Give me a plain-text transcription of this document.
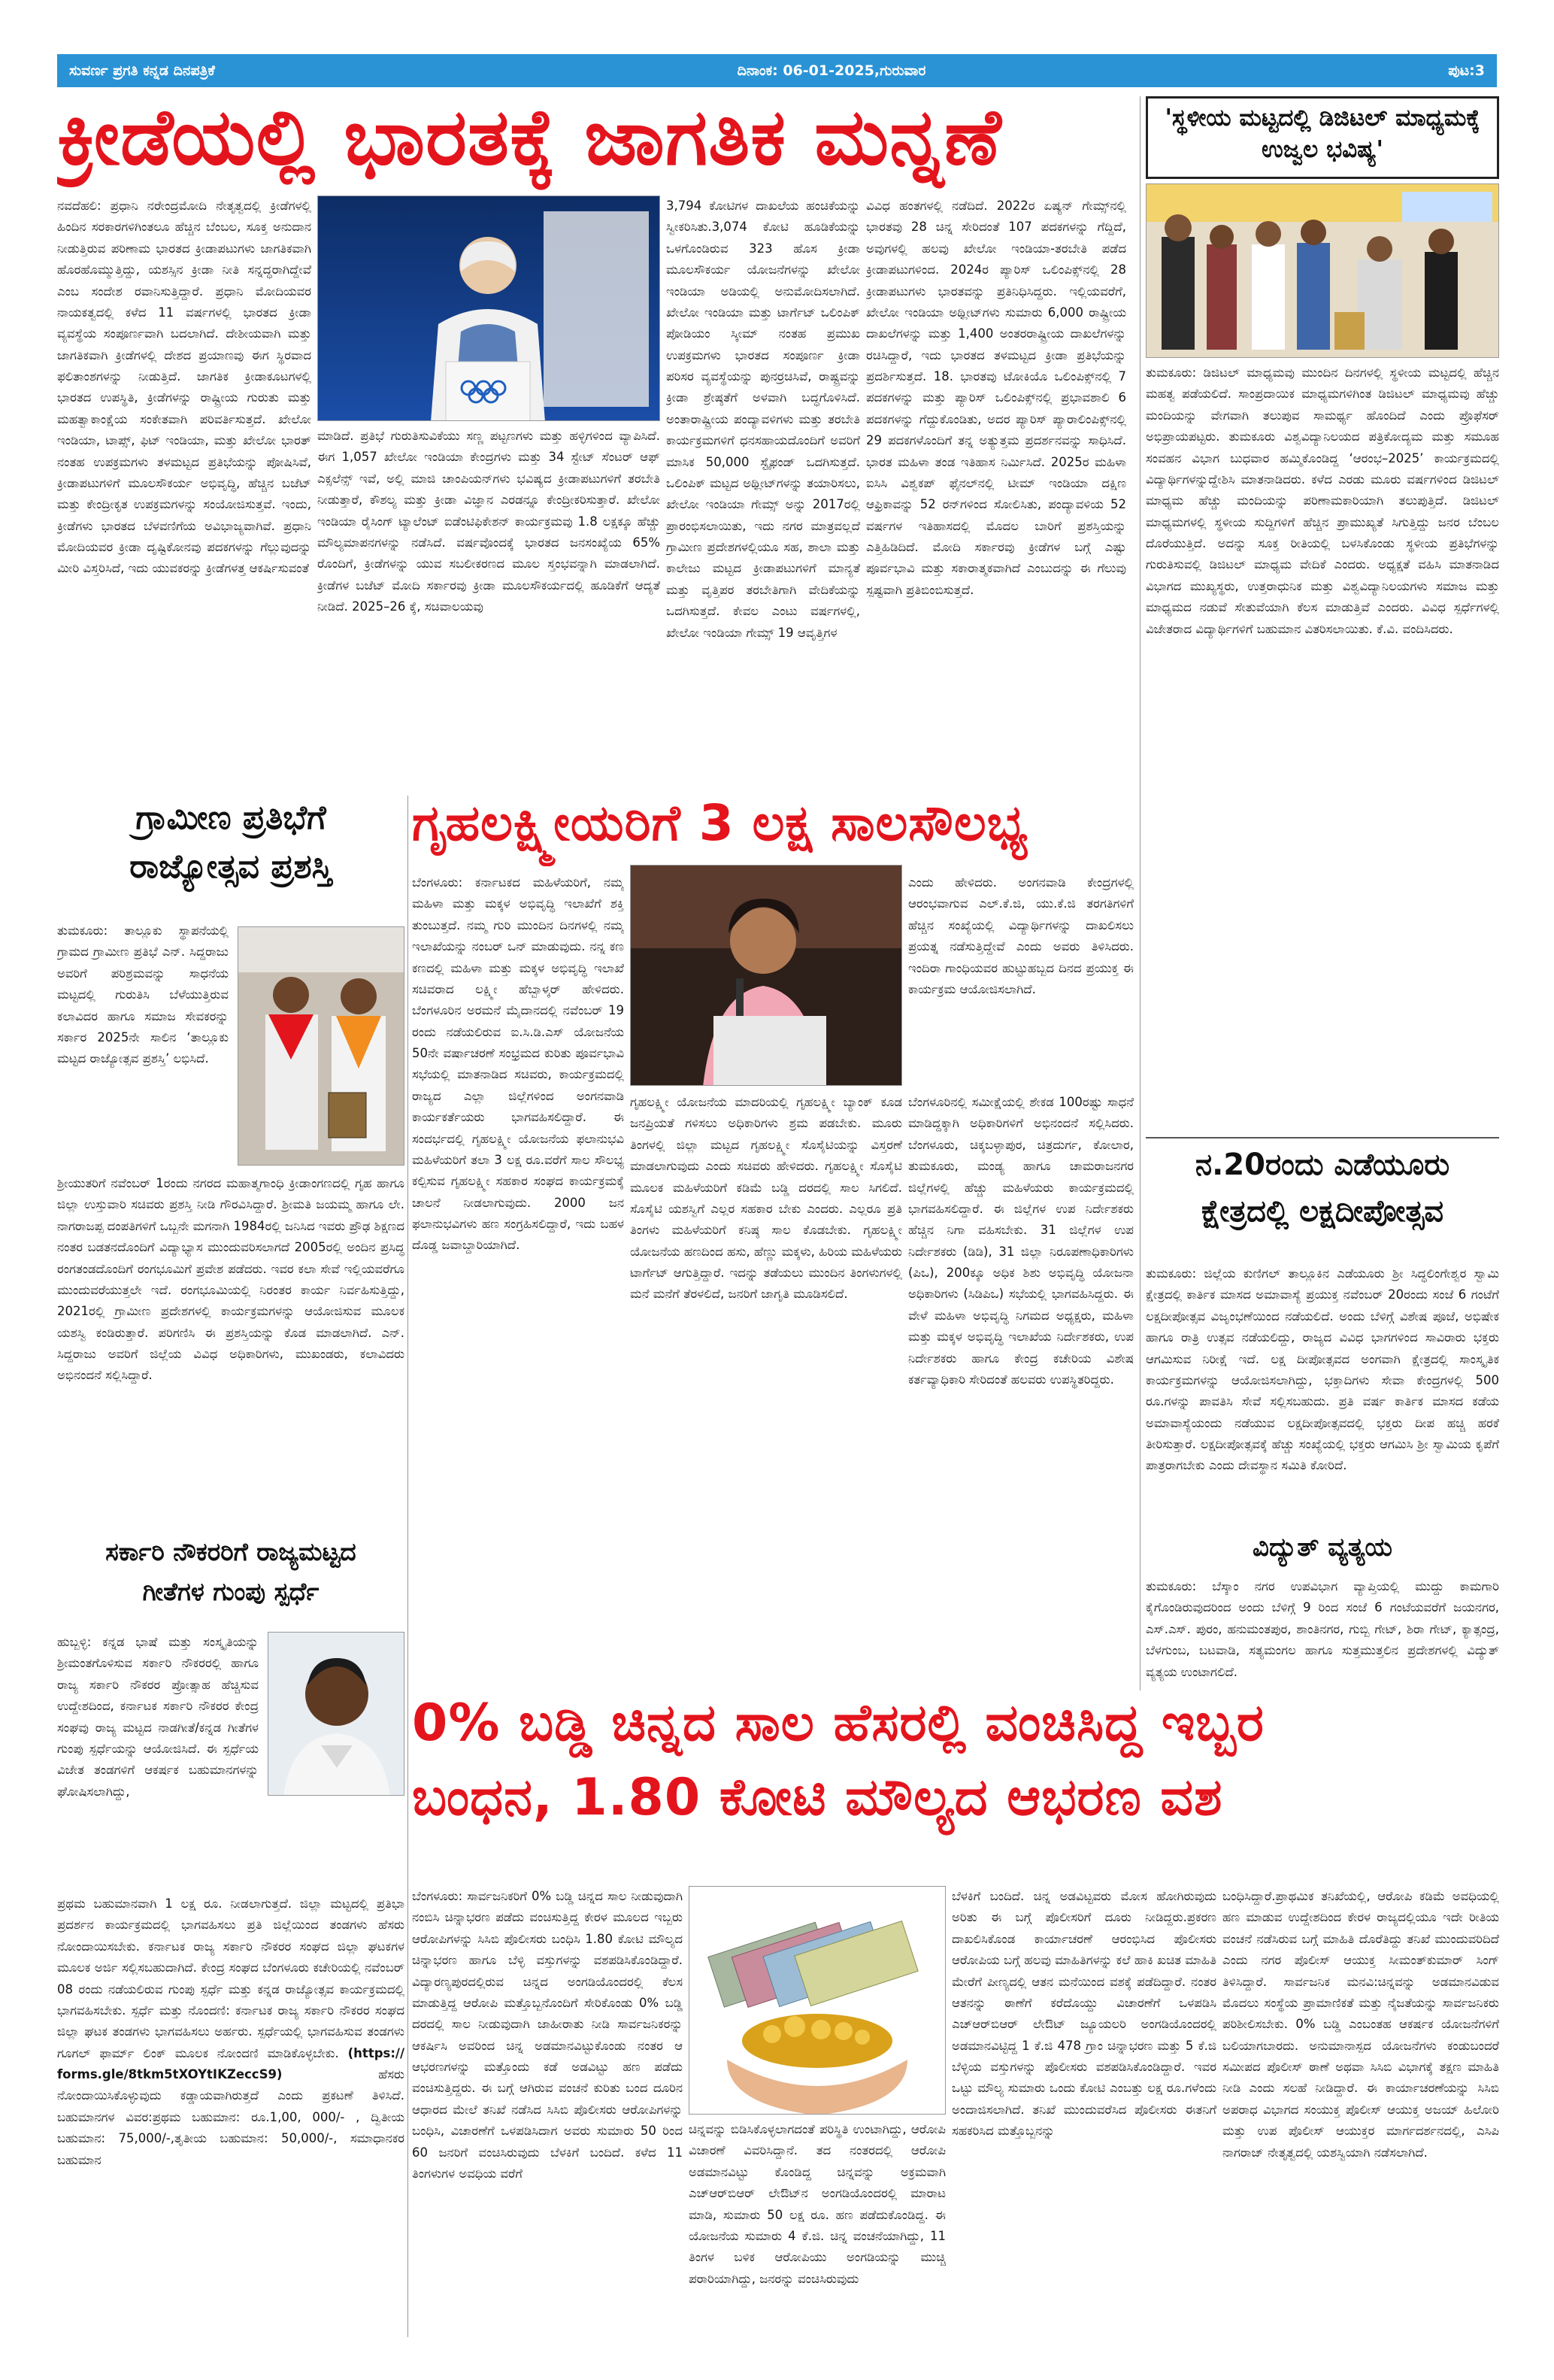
ಸುವರ್ಣ ಪ್ರಗತಿ ಕನ್ನಡ ದಿನಪತ್ರಿಕೆ	ದಿನಾಂಕ: 06-01-2025,ಗುರುವಾರ	ಪುಟ:3
ಕ್ರೀಡೆಯಲ್ಲಿ ಭಾರತಕ್ಕೆ ಜಾಗತಿಕ ಮನ್ನಣೆ
ನವದೆಹಲಿ: ಪ್ರಧಾನಿ ನರೇಂದ್ರಮೋದಿ ನೇತೃತ್ವದಲ್ಲಿ ಕ್ರೀಡೆಗಳಲ್ಲಿ ಹಿಂದಿನ ಸರಕಾರಗಳಿಗಿಂತಲೂ ಹೆಚ್ಚಿನ ಬೆಂಬಲ, ಸೂಕ್ತ ಅನುದಾನ ನೀಡುತ್ತಿರುವ ಪರಿಣಾಮ ಭಾರತದ ಕ್ರೀಡಾಪಟುಗಳು ಜಾಗತಿಕವಾಗಿ ಹೊರಹೊಮ್ಮುತ್ತಿದ್ದು, ಯಶಸ್ಸಿನ ಕ್ರೀಡಾ ನೀತಿ ಸನ್ನದ್ಧರಾಗಿದ್ದೇವೆ ಎಂಬ ಸಂದೇಶ ರವಾನಿಸುತ್ತಿದ್ದಾರೆ. ಪ್ರಧಾನಿ ಮೋದಿಯವರ ನಾಯಕತ್ವದಲ್ಲಿ ಕಳೆದ 11 ವರ್ಷಗಳಲ್ಲಿ ಭಾರತದ ಕ್ರೀಡಾ ವ್ಯವಸ್ಥೆಯ ಸಂಪೂರ್ಣವಾಗಿ ಬದಲಾಗಿದೆ. ದೇಶೀಯವಾಗಿ ಮತ್ತು ಜಾಗತಿಕವಾಗಿ ಕ್ರೀಡೆಗಳಲ್ಲಿ ದೇಶದ ಪ್ರಯಾಣವು ಈಗ ಸ್ಥಿರವಾದ ಫಲಿತಾಂಶಗಳನ್ನು ನೀಡುತ್ತಿದೆ. ಜಾಗತಿಕ ಕ್ರೀಡಾಕೂಟಗಳಲ್ಲಿ ಭಾರತದ ಉಪಸ್ಥಿತಿ, ಕ್ರೀಡೆಗಳನ್ನು ರಾಷ್ಟ್ರೀಯ ಗುರುತು ಮತ್ತು ಮಹತ್ವಾಕಾಂಕ್ಷೆಯ ಸಂಕೇತವಾಗಿ ಪರಿವರ್ತಿಸುತ್ತದೆ. ಖೇಲೋ ಇಂಡಿಯಾ, ಟಾಪ್ಸ್, ಫಿಟ್ ಇಂಡಿಯಾ, ಮತ್ತು ಖೇಲೋ ಭಾರತ್ ನಂತಹ ಉಪಕ್ರಮಗಳು ತಳಮಟ್ಟದ ಪ್ರತಿಭೆಯನ್ನು ಪೋಷಿಸಿವೆ, ಕ್ರೀಡಾಪಟುಗಳಿಗೆ ಮೂಲಸೌಕರ್ಯ ಅಭಿವೃದ್ಧಿ, ಹೆಚ್ಚಿನ ಬಜೆಟ್ ಮತ್ತು ಕೇಂದ್ರೀಕೃತ ಉಪಕ್ರಮಗಳನ್ನು ಸಂಯೋಜಿಸುತ್ತವೆ. ಇಂದು, ಕ್ರೀಡೆಗಳು ಭಾರತದ ಬೆಳವಣಿಗೆಯ ಅವಿಭಾಜ್ಯವಾಗಿವೆ. ಪ್ರಧಾನಿ ಮೋದಿಯವರ ಕ್ರೀಡಾ ದೃಷ್ಟಿಕೋನವು ಪದಕಗಳನ್ನು ಗೆಲ್ಲುವುದನ್ನು ಮೀರಿ ವಿಸ್ತರಿಸಿದೆ, ಇದು ಯುವಕರನ್ನು ಕ್ರೀಡೆಗಳತ್ತ ಆಕರ್ಷಿಸುವಂತೆ
ಮಾಡಿದೆ. ಪ್ರತಿಭೆ ಗುರುತಿಸುವಿಕೆಯು ಸಣ್ಣ ಪಟ್ಟಣಗಳು ಮತ್ತು ಹಳ್ಳಿಗಳಿಂದ ವ್ಯಾಪಿಸಿದೆ. ಈಗ 1,057 ಖೇಲೋ ಇಂಡಿಯಾ ಕೇಂದ್ರಗಳು ಮತ್ತು 34 ಸ್ಟೇಟ್ ಸೆಂಟರ್ ಆಫ್ ಎಕ್ಸಲೆನ್ಸ್ ಇವೆ, ಅಲ್ಲಿ ಮಾಜಿ ಚಾಂಪಿಯನ್‌ಗಳು ಭವಿಷ್ಯದ ಕ್ರೀಡಾಪಟುಗಳಿಗೆ ತರಬೇತಿ ನೀಡುತ್ತಾರೆ, ಕೌಶಲ್ಯ ಮತ್ತು ಕ್ರೀಡಾ ವಿಜ್ಞಾನ ಎರಡನ್ನೂ ಕೇಂದ್ರೀಕರಿಸುತ್ತಾರೆ. ಖೇಲೋ ಇಂಡಿಯಾ ರೈಸಿಂಗ್ ಟ್ಯಾಲೆಂಟ್ ಐಡೆಂಟಿಫಿಕೇಶನ್ ಕಾರ್ಯಕ್ರಮವು 1.8 ಲಕ್ಷಕ್ಕೂ ಹೆಚ್ಚು ಮೌಲ್ಯಮಾಪನಗಳನ್ನು ನಡೆಸಿದೆ. ವರ್ಷವೊಂದಕ್ಕೆ ಭಾರತದ ಜನಸಂಖ್ಯೆಯ 65% ರೊಂದಿಗೆ, ಕ್ರೀಡೆಗಳನ್ನು ಯುವ ಸಬಲೀಕರಣದ ಮೂಲ ಸ್ತಂಭವನ್ನಾಗಿ ಮಾಡಲಾಗಿದೆ. ಕ್ರೀಡೆಗಳ ಬಜೆಟ್ ಮೋದಿ ಸರ್ಕಾರವು ಕ್ರೀಡಾ ಮೂಲಸೌಕರ್ಯದಲ್ಲಿ ಹೂಡಿಕೆಗೆ ಆದ್ಯತೆ ನೀಡಿದೆ. 2025–26 ಕ್ಕೆ, ಸಚಿವಾಲಯವು
3,794 ಕೋಟಿಗಳ ದಾಖಲೆಯ ಹಂಚಿಕೆಯನ್ನು ಸ್ವೀಕರಿಸಿತು.3,074 ಕೋಟಿ ಹೂಡಿಕೆಯನ್ನು ಒಳಗೊಂಡಿರುವ 323 ಹೊಸ ಕ್ರೀಡಾ ಮೂಲಸೌಕರ್ಯ ಯೋಜನೆಗಳನ್ನು ಖೇಲೋ ಇಂಡಿಯಾ ಅಡಿಯಲ್ಲಿ ಅನುಮೋದಿಸಲಾಗಿದೆ. ಖೇಲೋ ಇಂಡಿಯಾ ಮತ್ತು ಟಾರ್ಗೆಟ್ ಒಲಿಂಪಿಕ್ ಪೋಡಿಯಂ ಸ್ಕೀಮ್ ನಂತಹ ಪ್ರಮುಖ ಉಪಕ್ರಮಗಳು ಭಾರತದ ಸಂಪೂರ್ಣ ಕ್ರೀಡಾ ಪರಿಸರ ವ್ಯವಸ್ಥೆಯನ್ನು ಪುನರ್ರಚಿಸಿವೆ, ರಾಷ್ಟ್ರವನ್ನು ಕ್ರೀಡಾ ಶ್ರೇಷ್ಠತೆಗೆ ಅಳವಾಗಿ ಬದ್ಧಗೊಳಿಸಿದೆ. ಅಂತಾರಾಷ್ಟ್ರೀಯ ಪಂದ್ಯಾವಳಿಗಳು ಮತ್ತು ತರಬೇತಿ ಕಾರ್ಯಕ್ರಮಗಳಿಗೆ ಧನಸಹಾಯದೊಂದಿಗೆ ಅವರಿಗೆ ಮಾಸಿಕ 50,000 ಸ್ಟೈಫಂಡ್ ಒದಗಿಸುತ್ತದೆ. ಒಲಿಂಪಿಕ್ ಮಟ್ಟದ ಅಥ್ಲೀಟ್‌ಗಳನ್ನು ತಯಾರಿಸಲು, ಖೇಲೋ ಇಂಡಿಯಾ ಗೇಮ್ಸ್ ಅನ್ನು 2017ರಲ್ಲಿ ಪ್ರಾರಂಭಿಸಲಾಯಿತು, ಇದು ನಗರ ಮಾತ್ರವಲ್ಲದೆ ಗ್ರಾಮೀಣ ಪ್ರದೇಶಗಳಲ್ಲಿಯೂ ಸಹ, ಶಾಲಾ ಮತ್ತು ಕಾಲೇಜು ಮಟ್ಟದ ಕ್ರೀಡಾಪಟುಗಳಿಗೆ ಮಾನ್ಯತೆ ಮತ್ತು ವೃತ್ತಿಪರ ತರಬೇತಿಗಾಗಿ ವೇದಿಕೆಯನ್ನು ಒದಗಿಸುತ್ತದೆ. ಕೇವಲ ಎಂಟು ವರ್ಷಗಳಲ್ಲಿ, ಖೇಲೋ ಇಂಡಿಯಾ ಗೇಮ್ಸ್ 19 ಆವೃತ್ತಿಗಳ
ವಿವಿಧ ಹಂತಗಳಲ್ಲಿ ನಡೆದಿದೆ. 2022ರ ಏಷ್ಯನ್ ಗೇಮ್ಸ್‌ನಲ್ಲಿ ಭಾರತವು 28 ಚಿನ್ನ ಸೇರಿದಂತೆ 107 ಪದಕಗಳನ್ನು ಗೆದ್ದಿದೆ, ಅವುಗಳಲ್ಲಿ ಹಲವು ಖೇಲೋ ಇಂಡಿಯಾ-ತರಬೇತಿ ಪಡೆದ ಕ್ರೀಡಾಪಟುಗಳಿಂದ. 2024ರ ಪ್ಯಾರಿಸ್ ಒಲಿಂಪಿಕ್ಸ್‌ನಲ್ಲಿ 28 ಕ್ರೀಡಾಪಟುಗಳು ಭಾರತವನ್ನು ಪ್ರತಿನಿಧಿಸಿದ್ದರು. ಇಲ್ಲಿಯವರೆಗೆ, ಖೇಲೋ ಇಂಡಿಯಾ ಅಥ್ಲೀಟ್‌ಗಳು ಸುಮಾರು 6,000 ರಾಷ್ಟ್ರೀಯ ದಾಖಲೆಗಳನ್ನು ಮತ್ತು 1,400 ಅಂತರರಾಷ್ಟ್ರೀಯ ದಾಖಲೆಗಳನ್ನು ರಚಿಸಿದ್ದಾರೆ, ಇದು ಭಾರತದ ತಳಮಟ್ಟದ ಕ್ರೀಡಾ ಪ್ರತಿಭೆಯನ್ನು ಪ್ರದರ್ಶಿಸುತ್ತದೆ. 18. ಭಾರತವು ಟೋಕಿಯೊ ಒಲಿಂಪಿಕ್ಸ್‌ನಲ್ಲಿ 7 ಪದಕಗಳನ್ನು ಮತ್ತು ಪ್ಯಾರಿಸ್ ಒಲಿಂಪಿಕ್ಸ್‌ನಲ್ಲಿ ಪ್ರಭಾವಶಾಲಿ 6 ಪದಕಗಳನ್ನು ಗೆದ್ದುಕೊಂಡಿತು, ಅದರ ಪ್ಯಾರಿಸ್ ಪ್ಯಾರಾಲಿಂಪಿಕ್ಸ್‌ನಲ್ಲಿ 29 ಪದಕಗಳೊಂದಿಗೆ ತನ್ನ ಅತ್ಯುತ್ತಮ ಪ್ರದರ್ಶನವನ್ನು ಸಾಧಿಸಿದೆ. ಭಾರತ ಮಹಿಳಾ ತಂಡ ಇತಿಹಾಸ ನಿರ್ಮಿಸಿದೆ. 2025ರ ಮಹಿಳಾ ಐಸಿಸಿ ವಿಶ್ವಕಪ್ ಫೈನಲ್‌ನಲ್ಲಿ ಟೀಮ್ ಇಂಡಿಯಾ ದಕ್ಷಿಣ ಆಫ್ರಿಕಾವನ್ನು 52 ರನ್‌ಗಳಿಂದ ಸೋಲಿಸಿತು, ಪಂದ್ಯಾವಳಿಯ 52 ವರ್ಷಗಳ ಇತಿಹಾಸದಲ್ಲಿ ಮೊದಲ ಬಾರಿಗೆ ಪ್ರಶಸ್ತಿಯನ್ನು ಎತ್ತಿಹಿಡಿದಿದೆ. ಮೋದಿ ಸರ್ಕಾರವು ಕ್ರೀಡೆಗಳ ಬಗ್ಗೆ ಎಷ್ಟು ಪೂರ್ವಭಾವಿ ಮತ್ತು ಸಕಾರಾತ್ಮಕವಾಗಿದೆ ಎಂಬುದನ್ನು ಈ ಗೆಲುವು ಸ್ಪಷ್ಟವಾಗಿ ಪ್ರತಿಬಿಂಬಿಸುತ್ತದೆ.
'ಸ್ಥಳೀಯ ಮಟ್ಟದಲ್ಲಿ ಡಿಜಿಟಲ್ ಮಾಧ್ಯಮಕ್ಕೆ ಉಜ್ವಲ ಭವಿಷ್ಯ'
ತುಮಕೂರು: ಡಿಜಿಟಲ್ ಮಾಧ್ಯಮವು ಮುಂದಿನ ದಿನಗಳಲ್ಲಿ ಸ್ಥಳೀಯ ಮಟ್ಟದಲ್ಲಿ ಹೆಚ್ಚಿನ ಮಹತ್ವ ಪಡೆಯಲಿದೆ. ಸಾಂಪ್ರದಾಯಿಕ ಮಾಧ್ಯಮಗಳಿಗಿಂತ ಡಿಜಿಟಲ್ ಮಾಧ್ಯಮವು ಹೆಚ್ಚು ಮಂದಿಯನ್ನು ವೇಗವಾಗಿ ತಲುಪುವ ಸಾಮರ್ಥ್ಯ ಹೊಂದಿದೆ ಎಂದು ಪ್ರೊಫೆಸರ್ ಅಭಿಪ್ರಾಯಪಟ್ಟರು. ತುಮಕೂರು ವಿಶ್ವವಿದ್ಯಾನಿಲಯದ ಪತ್ರಿಕೋದ್ಯಮ ಮತ್ತು ಸಮೂಹ ಸಂವಹನ ವಿಭಾಗ ಬುಧವಾರ ಹಮ್ಮಿಕೊಂಡಿದ್ದ ‘ಆರಂಭ–2025’ ಕಾರ್ಯಕ್ರಮದಲ್ಲಿ ವಿದ್ಯಾರ್ಥಿಗಳನ್ನುದ್ದೇಶಿಸಿ ಮಾತನಾಡಿದರು. ಕಳೆದ ಎರಡು ಮೂರು ವರ್ಷಗಳಿಂದ ಡಿಜಿಟಲ್ ಮಾಧ್ಯಮ ಹೆಚ್ಚು ಮಂದಿಯನ್ನು ಪರಿಣಾಮಕಾರಿಯಾಗಿ ತಲುಪುತ್ತಿದೆ. ಡಿಜಿಟಲ್ ಮಾಧ್ಯಮಗಳಲ್ಲಿ ಸ್ಥಳೀಯ ಸುದ್ದಿಗಳಿಗೆ ಹೆಚ್ಚಿನ ಪ್ರಾಮುಖ್ಯತೆ ಸಿಗುತ್ತಿದ್ದು ಜನರ ಬೆಂಬಲ ದೊರೆಯುತ್ತಿದೆ. ಅದನ್ನು ಸೂಕ್ತ ರೀತಿಯಲ್ಲಿ ಬಳಸಿಕೊಂಡು ಸ್ಥಳೀಯ ಪ್ರತಿಭೆಗಳನ್ನು ಗುರುತಿಸುವಲ್ಲಿ ಡಿಜಿಟಲ್ ಮಾಧ್ಯಮ ವೇದಿಕೆ ಎಂದರು. ಅಧ್ಯಕ್ಷತೆ ವಹಿಸಿ ಮಾತನಾಡಿದ ವಿಭಾಗದ ಮುಖ್ಯಸ್ಥರು, ಉತ್ತರಾಧುನಿಕ ಮತ್ತು ವಿಶ್ವವಿದ್ಯಾನಿಲಯಗಳು ಸಮಾಜ ಮತ್ತು ಮಾಧ್ಯಮದ ನಡುವೆ ಸೇತುವೆಯಾಗಿ ಕೆಲಸ ಮಾಡುತ್ತಿವೆ ಎಂದರು. ವಿವಿಧ ಸ್ಪರ್ಧೆಗಳಲ್ಲಿ ವಿಜೇತರಾದ ವಿದ್ಯಾರ್ಥಿಗಳಿಗೆ ಬಹುಮಾನ ವಿತರಿಸಲಾಯಿತು. ಕೆ.ವಿ. ವಂದಿಸಿದರು.
ಗ್ರಾಮೀಣ ಪ್ರತಿಭೆಗೆ
ರಾಜ್ಯೋತ್ಸವ ಪ್ರಶಸ್ತಿ
ತುಮಕೂರು: ತಾಲ್ಲೂಕು ಸ್ಥಾಪನೆಯಲ್ಲಿ ಗ್ರಾಮದ ಗ್ರಾಮೀಣ ಪ್ರತಿಭೆ ಎನ್. ಸಿದ್ದರಾಜು ಅವರಿಗೆ ಪರಿಶ್ರಮವನ್ನು ಸಾಧನೆಯ ಮಟ್ಟದಲ್ಲಿ ಗುರುತಿಸಿ ಬೆಳೆಯುತ್ತಿರುವ ಕಲಾವಿದರ ಹಾಗೂ ಸಮಾಜ ಸೇವಕರನ್ನು ಸರ್ಕಾರ 2025ನೇ ಸಾಲಿನ ‘ತಾಲ್ಲೂಕು ಮಟ್ಟದ ರಾಜ್ಯೋತ್ಸವ ಪ್ರಶಸ್ತಿ’ ಲಭಿಸಿದೆ.
ಶ್ರೀಯುತರಿಗೆ ನವೆಂಬರ್ 1ರಂದು ನಗರದ ಮಹಾತ್ಮಗಾಂಧಿ ಕ್ರೀಡಾಂಗಣದಲ್ಲಿ ಗೃಹ ಹಾಗೂ ಜಿಲ್ಲಾ ಉಸ್ತುವಾರಿ ಸಚಿವರು ಪ್ರಶಸ್ತಿ ನೀಡಿ ಗೌರವಿಸಿದ್ದಾರೆ. ಶ್ರೀಮತಿ ಜಯಮ್ಮ ಹಾಗೂ ಲೇ. ನಾಗರಾಜಪ್ಪ ದಂಪತಿಗಳಿಗೆ ಒಬ್ಬನೇ ಮಗನಾಗಿ 1984ರಲ್ಲಿ ಜನಿಸಿದ ಇವರು ಪ್ರೌಢ ಶಿಕ್ಷಣದ ನಂತರ ಬಡತನದೊಂದಿಗೆ ವಿದ್ಯಾಭ್ಯಾಸ ಮುಂದುವರಿಸಲಾಗದೆ 2005ರಲ್ಲಿ ಅಂದಿನ ಪ್ರಸಿದ್ಧ ರಂಗತಂಡದೊಂದಿಗೆ ರಂಗಭೂಮಿಗೆ ಪ್ರವೇಶ ಪಡೆದರು. ಇವರ ಕಲಾ ಸೇವೆ ಇಲ್ಲಿಯವರೆಗೂ ಮುಂದುವರೆಯುತ್ತಲೇ ಇದೆ. ರಂಗಭೂಮಿಯಲ್ಲಿ ನಿರಂತರ ಕಾರ್ಯ ನಿರ್ವಹಿಸುತ್ತಿದ್ದು, 2021ರಲ್ಲಿ ಗ್ರಾಮೀಣ ಪ್ರದೇಶಗಳಲ್ಲಿ ಕಾರ್ಯಕ್ರಮಗಳನ್ನು ಆಯೋಜಿಸುವ ಮೂಲಕ ಯಶಸ್ವಿ ಕಂಡಿರುತ್ತಾರೆ. ಪರಿಗಣಿಸಿ ಈ ಪ್ರಶಸ್ತಿಯನ್ನು ಕೊಡ ಮಾಡಲಾಗಿದೆ. ಎನ್. ಸಿದ್ದರಾಜು ಅವರಿಗೆ ಜಿಲ್ಲೆಯ ವಿವಿಧ ಅಧಿಕಾರಿಗಳು, ಮುಖಂಡರು, ಕಲಾವಿದರು ಅಭಿನಂದನೆ ಸಲ್ಲಿಸಿದ್ದಾರೆ.
ಸರ್ಕಾರಿ ನೌಕರರಿಗೆ ರಾಜ್ಯಮಟ್ಟದ
ಗೀತೆಗಳ ಗುಂಪು ಸ್ಪರ್ಧೆ
ಹುಬ್ಬಳ್ಳಿ: ಕನ್ನಡ ಭಾಷೆ ಮತ್ತು ಸಂಸ್ಕೃತಿಯನ್ನು ಶ್ರೀಮಂತಗೊಳಿಸುವ ಸರ್ಕಾರಿ ನೌಕರರಲ್ಲಿ ಹಾಗೂ ರಾಜ್ಯ ಸರ್ಕಾರಿ ನೌಕರರ ಪ್ರೋತ್ಸಾಹ ಹೆಚ್ಚಿಸುವ ಉದ್ದೇಶದಿಂದ, ಕರ್ನಾಟಕ ಸರ್ಕಾರಿ ನೌಕರರ ಕೇಂದ್ರ ಸಂಘವು ರಾಜ್ಯ ಮಟ್ಟದ ನಾಡಗೀತೆ/ಕನ್ನಡ ಗೀತೆಗಳ ಗುಂಪು ಸ್ಪರ್ಧೆಯನ್ನು ಆಯೋಜಿಸಿದೆ. ಈ ಸ್ಪರ್ಧೆಯ ವಿಜೇತ ತಂಡಗಳಿಗೆ ಆಕರ್ಷಕ ಬಹುಮಾನಗಳನ್ನು ಘೋಷಿಸಲಾಗಿದ್ದು,
ಪ್ರಥಮ ಬಹುಮಾನವಾಗಿ 1 ಲಕ್ಷ ರೂ. ನೀಡಲಾಗುತ್ತದೆ. ಜಿಲ್ಲಾ ಮಟ್ಟದಲ್ಲಿ ಪ್ರತಿಭಾ ಪ್ರದರ್ಶನ ಕಾರ್ಯಕ್ರಮದಲ್ಲಿ ಭಾಗವಹಿಸಲು ಪ್ರತಿ ಜಿಲ್ಲೆಯಿಂದ ತಂಡಗಳು ಹೆಸರು ನೋಂದಾಯಿಸಬೇಕು. ಕರ್ನಾಟಕ ರಾಜ್ಯ ಸರ್ಕಾರಿ ನೌಕರರ ಸಂಘದ ಜಿಲ್ಲಾ ಘಟಕಗಳ ಮೂಲಕ ಅರ್ಜಿ ಸಲ್ಲಿಸಬಹುದಾಗಿದೆ. ಕೇಂದ್ರ ಸಂಘದ ಬೆಂಗಳೂರು ಕಚೇರಿಯಲ್ಲಿ ನವೆಂಬರ್ 08 ರಂದು ನಡೆಯಲಿರುವ ಗುಂಪು ಸ್ಪರ್ಧೆ ಮತ್ತು ಕನ್ನಡ ರಾಜ್ಯೋತ್ಸವ ಕಾರ್ಯಕ್ರಮದಲ್ಲಿ ಭಾಗವಹಿಸಬೇಕು. ಸ್ಪರ್ಧೆ ಮತ್ತು ನೊಂದಣಿ: ಕರ್ನಾಟಕ ರಾಜ್ಯ ಸರ್ಕಾರಿ ನೌಕರರ ಸಂಘದ ಜಿಲ್ಲಾ ಘಟಕ ತಂಡಗಳು ಭಾಗವಹಿಸಲು ಅರ್ಹರು. ಸ್ಪರ್ಧೆಯಲ್ಲಿ ಭಾಗವಹಿಸುವ ತಂಡಗಳು ಗೂಗಲ್ ಫಾರ್ಮ್ ಲಿಂಕ್ ಮೂಲಕ ನೋಂದಣಿ ಮಾಡಿಕೊಳ್ಳಬೇಕು. (https:// forms.gle/8tkm5tXOYtIKZeccS9)	ಹೆಸರು ನೋಂದಾಯಿಸಿಕೊಳ್ಳುವುದು ಕಡ್ಡಾಯವಾಗಿರುತ್ತದೆ ಎಂದು ಪ್ರಕಟಣೆ ತಿಳಿಸಿದೆ. ಬಹುಮಾನಗಳ ವಿವರ:ಪ್ರಥಮ ಬಹುಮಾನ: ರೂ.1,00, 000/- , ದ್ವಿತೀಯ ಬಹುಮಾನ: 75,000/-,ತೃತೀಯ ಬಹುಮಾನ: 50,000/-, ಸಮಾಧಾನಕರ ಬಹುಮಾನ
ಗೃಹಲಕ್ಷ್ಮೀಯರಿಗೆ 3 ಲಕ್ಷ ಸಾಲಸೌಲಭ್ಯ
ಬೆಂಗಳೂರು: ಕರ್ನಾಟಕದ ಮಹಿಳೆಯರಿಗೆ, ನಮ್ಮ ಮಹಿಳಾ ಮತ್ತು ಮಕ್ಕಳ ಅಭಿವೃದ್ಧಿ ಇಲಾಖೆಗೆ ಶಕ್ತಿ ತುಂಬುತ್ತದೆ. ನಮ್ಮ ಗುರಿ ಮುಂದಿನ ದಿನಗಳಲ್ಲಿ ನಮ್ಮ ಇಲಾಖೆಯನ್ನು ನಂಬರ್ ಒನ್ ಮಾಡುವುದು. ನನ್ನ ಕಣ ಕಣದಲ್ಲಿ ಮಹಿಳಾ ಮತ್ತು ಮಕ್ಕಳ ಅಭಿವೃದ್ಧಿ ಇಲಾಖೆ ಸಚಿವರಾದ ಲಕ್ಷ್ಮೀ ಹೆಬ್ಬಾಳ್ಕರ್ ಹೇಳಿದರು. ಬೆಂಗಳೂರಿನ ಅರಮನೆ ಮೈದಾನದಲ್ಲಿ ನವೆಂಬರ್ 19 ರಂದು ನಡೆಯಲಿರುವ ಐ.ಸಿ.ಡಿ.ಎಸ್ ಯೋಜನೆಯ 50ನೇ ವರ್ಷಾಚರಣೆ ಸಂಭ್ರಮದ ಕುರಿತು ಪೂರ್ವಭಾವಿ ಸಭೆಯಲ್ಲಿ ಮಾತನಾಡಿದ ಸಚಿವರು, ಕಾರ್ಯಕ್ರಮದಲ್ಲಿ ರಾಜ್ಯದ ಎಲ್ಲಾ ಜಿಲ್ಲೆಗಳಿಂದ ಅಂಗನವಾಡಿ ಕಾರ್ಯಕರ್ತೆಯರು ಭಾಗವಹಿಸಲಿದ್ದಾರೆ. ಈ ಸಂದರ್ಭದಲ್ಲಿ ಗೃಹಲಕ್ಷ್ಮೀ ಯೋಜನೆಯ ಫಲಾನುಭವಿ ಮಹಿಳೆಯರಿಗೆ ತಲಾ 3 ಲಕ್ಷ ರೂ.ವರೆಗೆ ಸಾಲ ಸೌಲಭ್ಯ ಕಲ್ಪಿಸುವ ಗೃಹಲಕ್ಷ್ಮೀ ಸಹಕಾರ ಸಂಘದ ಕಾರ್ಯಕ್ರಮಕ್ಕೆ ಚಾಲನೆ ನೀಡಲಾಗುವುದು. 2000 ಜನ ಫಲಾನುಭವಿಗಳು ಹಣ ಸಂಗ್ರಹಿಸಲಿದ್ದಾರೆ, ಇದು ಬಹಳ ದೊಡ್ಡ ಜವಾಬ್ದಾರಿಯಾಗಿದೆ.
ಎಂದು ಹೇಳಿದರು. ಅಂಗನವಾಡಿ ಕೇಂದ್ರಗಳಲ್ಲಿ ಆರಂಭವಾಗುವ ಎಲ್.ಕೆ.ಜಿ, ಯು.ಕೆ.ಜಿ ತರಗತಿಗಳಿಗೆ ಹೆಚ್ಚಿನ ಸಂಖ್ಯೆಯಲ್ಲಿ ವಿದ್ಯಾರ್ಥಿಗಳನ್ನು ದಾಖಲಿಸಲು ಪ್ರಯತ್ನ ನಡೆಸುತ್ತಿದ್ದೇವೆ ಎಂದು ಅವರು ತಿಳಿಸಿದರು. ಇಂದಿರಾ ಗಾಂಧಿಯವರ ಹುಟ್ಟುಹಬ್ಬದ ದಿನದ ಪ್ರಯುಕ್ತ ಈ ಕಾರ್ಯಕ್ರಮ ಆಯೋಜಿಸಲಾಗಿದೆ.
ಗೃಹಲಕ್ಷ್ಮೀ ಯೋಜನೆಯ ಮಾದರಿಯಲ್ಲಿ ಗೃಹಲಕ್ಷ್ಮೀ ಬ್ಯಾಂಕ್ ಕೂಡ ಜನಪ್ರಿಯತೆ ಗಳಿಸಲು ಅಧಿಕಾರಿಗಳು ಶ್ರಮ ಪಡಬೇಕು. ಮೂರು ತಿಂಗಳಲ್ಲಿ ಜಿಲ್ಲಾ ಮಟ್ಟದ ಗೃಹಲಕ್ಷ್ಮೀ ಸೊಸೈಟಿಯನ್ನು ವಿಸ್ತರಣೆ ಮಾಡಲಾಗುವುದು ಎಂದು ಸಚಿವರು ಹೇಳಿದರು. ಗೃಹಲಕ್ಷ್ಮೀ ಸೊಸೈಟಿ ಮೂಲಕ ಮಹಿಳೆಯರಿಗೆ ಕಡಿಮೆ ಬಡ್ಡಿ ದರದಲ್ಲಿ ಸಾಲ ಸಿಗಲಿದೆ. ಸೊಸೈಟಿ ಯಶಸ್ವಿಗೆ ಎಲ್ಲರ ಸಹಕಾರ ಬೇಕು ಎಂದರು. ಎಲ್ಲರೂ ಪ್ರತಿ ತಿಂಗಳು ಮಹಿಳೆಯರಿಗೆ ಕನಿಷ್ಠ ಸಾಲ ಕೊಡಬೇಕು. ಗೃಹಲಕ್ಷ್ಮೀ ಯೋಜನೆಯ ಹಣದಿಂದ ಹಸು, ಹೆಣ್ಣು ಮಕ್ಕಳು, ಹಿರಿಯ ಮಹಿಳೆಯರು ಟಾರ್ಗೆಟ್ ಆಗುತ್ತಿದ್ದಾರೆ. ಇದನ್ನು ತಡೆಯಲು ಮುಂದಿನ ತಿಂಗಳುಗಳಲ್ಲಿ ಮನೆ ಮನೆಗೆ ತೆರಳಲಿದೆ, ಜನರಿಗೆ ಜಾಗೃತಿ ಮೂಡಿಸಲಿದೆ.
ಬೆಂಗಳೂರಿನಲ್ಲಿ ಸಮೀಕ್ಷೆಯಲ್ಲಿ ಶೇಕಡ 100ರಷ್ಟು ಸಾಧನೆ ಮಾಡಿದ್ದಕ್ಕಾಗಿ ಅಧಿಕಾರಿಗಳಿಗೆ ಅಭಿನಂದನೆ ಸಲ್ಲಿಸಿದರು. ಬೆಂಗಳೂರು, ಚಿಕ್ಕಬಳ್ಳಾಪುರ, ಚಿತ್ರದುರ್ಗ, ಕೋಲಾರ, ತುಮಕೂರು, ಮಂಡ್ಯ ಹಾಗೂ ಚಾಮರಾಜನಗರ ಜಿಲ್ಲೆಗಳಲ್ಲಿ ಹೆಚ್ಚು ಮಹಿಳೆಯರು ಕಾರ್ಯಕ್ರಮದಲ್ಲಿ ಭಾಗವಹಿಸಲಿದ್ದಾರೆ. ಈ ಜಿಲ್ಲೆಗಳ ಉಪ ನಿರ್ದೇಶಕರು ಹೆಚ್ಚಿನ ನಿಗಾ ವಹಿಸಬೇಕು. 31 ಜಿಲ್ಲೆಗಳ ಉಪ ನಿರ್ದೇಶಕರು (ಡಿಡಿ), 31 ಜಿಲ್ಲಾ ನಿರೂಪಣಾಧಿಕಾರಿಗಳು (ಪಿಒ), 200ಕ್ಕೂ ಅಧಿಕ ಶಿಶು ಅಭಿವೃದ್ಧಿ ಯೋಜನಾ ಅಧಿಕಾರಿಗಳು (ಸಿಡಿಪಿಒ) ಸಭೆಯಲ್ಲಿ ಭಾಗವಹಿಸಿದ್ದರು. ಈ ವೇಳೆ ಮಹಿಳಾ ಅಭಿವೃದ್ಧಿ ನಿಗಮದ ಅಧ್ಯಕ್ಷರು, ಮಹಿಳಾ ಮತ್ತು ಮಕ್ಕಳ ಅಭಿವೃದ್ಧಿ ಇಲಾಖೆಯ ನಿರ್ದೇಶಕರು, ಉಪ ನಿರ್ದೇಶಕರು ಹಾಗೂ ಕೇಂದ್ರ ಕಚೇರಿಯ ವಿಶೇಷ ಕರ್ತವ್ಯಾಧಿಕಾರಿ ಸೇರಿದಂತೆ ಹಲವರು ಉಪಸ್ಥಿತರಿದ್ದರು.
ನ.20ರಂದು ಎಡೆಯೂರು
ಕ್ಷೇತ್ರದಲ್ಲಿ ಲಕ್ಷದೀಪೋತ್ಸವ
ತುಮಕೂರು: ಜಿಲ್ಲೆಯ ಕುಣಿಗಲ್ ತಾಲ್ಲೂಕಿನ ಎಡೆಯೂರು ಶ್ರೀ ಸಿದ್ಧಲಿಂಗೇಶ್ವರ ಸ್ವಾಮಿ ಕ್ಷೇತ್ರದಲ್ಲಿ ಕಾರ್ತಿಕ ಮಾಸದ ಅಮಾವಾಸ್ಯೆ ಪ್ರಯುಕ್ತ ನವೆಂಬರ್ 20ರಂದು ಸಂಜೆ 6 ಗಂಟೆಗೆ ಲಕ್ಷದೀಪೋತ್ಸವ ವಿಜೃಂಭಣೆಯಿಂದ ನಡೆಯಲಿದೆ. ಅಂದು ಬೆಳಿಗ್ಗೆ ವಿಶೇಷ ಪೂಜೆ, ಅಭಿಷೇಕ ಹಾಗೂ ರಾತ್ರಿ ಉತ್ಸವ ನಡೆಯಲಿದ್ದು, ರಾಜ್ಯದ ವಿವಿಧ ಭಾಗಗಳಿಂದ ಸಾವಿರಾರು ಭಕ್ತರು ಆಗಮಿಸುವ ನಿರೀಕ್ಷೆ ಇದೆ. ಲಕ್ಷ ದೀಪೋತ್ಸವದ ಅಂಗವಾಗಿ ಕ್ಷೇತ್ರದಲ್ಲಿ ಸಾಂಸ್ಕೃತಿಕ ಕಾರ್ಯಕ್ರಮಗಳನ್ನು ಆಯೋಜಿಸಲಾಗಿದ್ದು, ಭಕ್ತಾದಿಗಳು ಸೇವಾ ಕೇಂದ್ರಗಳಲ್ಲಿ 500 ರೂ.ಗಳನ್ನು ಪಾವತಿಸಿ ಸೇವೆ ಸಲ್ಲಿಸಬಹುದು. ಪ್ರತಿ ವರ್ಷ ಕಾರ್ತಿಕ ಮಾಸದ ಕಡೆಯ ಅಮಾವಾಸ್ಯೆಯಂದು ನಡೆಯುವ ಲಕ್ಷದೀಪೋತ್ಸವದಲ್ಲಿ ಭಕ್ತರು ದೀಪ ಹಚ್ಚಿ ಹರಕೆ ತೀರಿಸುತ್ತಾರೆ. ಲಕ್ಷದೀಪೋತ್ಸವಕ್ಕೆ ಹೆಚ್ಚು ಸಂಖ್ಯೆಯಲ್ಲಿ ಭಕ್ತರು ಆಗಮಿಸಿ ಶ್ರೀ ಸ್ವಾಮಿಯ ಕೃಪೆಗೆ ಪಾತ್ರರಾಗಬೇಕು ಎಂದು ದೇವಸ್ಥಾನ ಸಮಿತಿ ಕೋರಿದೆ.
ವಿದ್ಯುತ್ ವ್ಯತ್ಯಯ
ತುಮಕೂರು: ಬೆಸ್ಕಾಂ ನಗರ ಉಪವಿಭಾಗ ವ್ಯಾಪ್ತಿಯಲ್ಲಿ ಮುದ್ದು ಕಾಮಗಾರಿ ಕೈಗೊಂಡಿರುವುದರಿಂದ ಅಂದು ಬೆಳಿಗ್ಗೆ 9 ರಿಂದ ಸಂಜೆ 6 ಗಂಟೆಯವರೆಗೆ ಜಯನಗರ, ಎಸ್.ಎಸ್. ಪುರಂ, ಹನುಮಂತಪುರ, ಶಾಂತಿನಗರ, ಗುಬ್ಬಿ ಗೇಟ್, ಶಿರಾ ಗೇಟ್, ಕ್ಯಾತ್ಸಂದ್ರ, ಬೆಳಗುಂಬ, ಬಟವಾಡಿ, ಸತ್ಯಮಂಗಲ ಹಾಗೂ ಸುತ್ತಮುತ್ತಲಿನ ಪ್ರದೇಶಗಳಲ್ಲಿ ವಿದ್ಯುತ್ ವ್ಯತ್ಯಯ ಉಂಟಾಗಲಿದೆ.
0% ಬಡ್ಡಿ ಚಿನ್ನದ ಸಾಲ ಹೆಸರಲ್ಲಿ ವಂಚಿಸಿದ್ದ ಇಬ್ಬರ
ಬಂಧನ, 1.80 ಕೋಟಿ ಮೌಲ್ಯದ ಆಭರಣ ವಶ
ಬೆಂಗಳೂರು: ಸಾರ್ವಜನಿಕರಿಗೆ 0% ಬಡ್ಡಿ ಚಿನ್ನದ ಸಾಲ ನೀಡುವುದಾಗಿ ನಂಬಿಸಿ ಚಿನ್ನಾಭರಣ ಪಡೆದು ವಂಚಿಸುತ್ತಿದ್ದ ಕೇರಳ ಮೂಲದ ಇಬ್ಬರು ಆರೋಪಿಗಳನ್ನು ಸಿಸಿಬಿ ಪೊಲೀಸರು ಬಂಧಿಸಿ 1.80 ಕೋಟಿ ಮೌಲ್ಯದ ಚಿನ್ನಾಭರಣ ಹಾಗೂ ಬೆಳ್ಳಿ ವಸ್ತುಗಳನ್ನು ವಶಪಡಿಸಿಕೊಂಡಿದ್ದಾರೆ. ವಿದ್ಯಾರಣ್ಯಪುರದಲ್ಲಿರುವ ಚಿನ್ನದ ಅಂಗಡಿಯೊಂದರಲ್ಲಿ ಕೆಲಸ ಮಾಡುತ್ತಿದ್ದ ಆರೋಪಿ ಮತ್ತೊಬ್ಬನೊಂದಿಗೆ ಸೇರಿಕೊಂಡು 0% ಬಡ್ಡಿ ದರದಲ್ಲಿ ಸಾಲ ನೀಡುವುದಾಗಿ ಜಾಹೀರಾತು ನೀಡಿ ಸಾರ್ವಜನಿಕರನ್ನು ಆಕರ್ಷಿಸಿ ಅವರಿಂದ ಚಿನ್ನ ಅಡಮಾನವಿಟ್ಟುಕೊಂಡು ನಂತರ ಆ ಆಭರಣಗಳನ್ನು ಮತ್ತೊಂದು ಕಡೆ ಅಡವಿಟ್ಟು ಹಣ ಪಡೆದು ವಂಚಿಸುತ್ತಿದ್ದರು. ಈ ಬಗ್ಗೆ ಆಗಿರುವ ವಂಚನೆ ಕುರಿತು ಬಂದ ದೂರಿನ ಆಧಾರದ ಮೇಲೆ ತನಿಖೆ ನಡೆಸಿದ ಸಿಸಿಬಿ ಪೊಲೀಸರು ಆರೋಪಿಗಳನ್ನು ಬಂಧಿಸಿ, ವಿಚಾರಣೆಗೆ ಒಳಪಡಿಸಿದಾಗ ಅವರು ಸುಮಾರು 50 ರಿಂದ 60 ಜನರಿಗೆ ವಂಚಿಸಿರುವುದು ಬೆಳಕಿಗೆ ಬಂದಿದೆ. ಕಳೆದ 11 ತಿಂಗಳುಗಳ ಅವಧಿಯ ವರೆಗೆ
ಚಿನ್ನವನ್ನು ಬಿಡಿಸಿಕೊಳ್ಳಲಾಗದಂತೆ ಪರಿಸ್ಥಿತಿ ಉಂಟಾಗಿದ್ದು, ಆರೋಪಿ ವಿಚಾರಣೆ ವಿವರಿಸಿದ್ದಾನೆ. ತದ ನಂತರದಲ್ಲಿ ಆರೋಪಿ ಅಡಮಾನವಿಟ್ಟು ಕೊಂಡಿದ್ದ ಚಿನ್ನವನ್ನು ಅಕ್ರಮವಾಗಿ ಎಚ್‌ಆರ್‌ಬಿಆರ್ ಲೇಔಟ್‌ನ ಅಂಗಡಿಯೊಂದರಲ್ಲಿ ಮಾರಾಟ ಮಾಡಿ, ಸುಮಾರು 50 ಲಕ್ಷ ರೂ. ಹಣ ಪಡೆದುಕೊಂಡಿದ್ದ. ಈ ಯೋಜನೆಯ ಸುಮಾರು 4 ಕೆ.ಜಿ. ಚಿನ್ನ ವಂಚನೆಯಾಗಿದ್ದು, 11 ತಿಂಗಳ ಬಳಿಕ ಆರೋಪಿಯು ಅಂಗಡಿಯನ್ನು ಮುಚ್ಚಿ ಪರಾರಿಯಾಗಿದ್ದು, ಜನರನ್ನು ವಂಚಿಸಿರುವುದು
ಬೆಳಕಿಗೆ ಬಂದಿದೆ. ಚಿನ್ನ ಅಡವಿಟ್ಟವರು ಮೋಸ ಹೋಗಿರುವುದು ಅರಿತು ಈ ಬಗ್ಗೆ ಪೊಲೀಸರಿಗೆ ದೂರು ನೀಡಿದ್ದರು.ಪ್ರಕರಣ ದಾಖಲಿಸಿಕೊಂಡ ಕಾರ್ಯಾಚರಣೆ ಆರಂಭಿಸಿದ ಪೊಲೀಸರು ಆರೋಪಿಯ ಬಗ್ಗೆ ಹಲವು ಮಾಹಿತಿಗಳನ್ನು ಕಲೆ ಹಾಕಿ ಖಚಿತ ಮಾಹಿತಿ ಮೇರೆಗೆ ಪೀಣ್ಯದಲ್ಲಿ ಆತನ ಮನೆಯಿಂದ ವಶಕ್ಕೆ ಪಡೆದಿದ್ದಾರೆ. ನಂತರ ಆತನನ್ನು ಠಾಣೆಗೆ ಕರೆದೊಯ್ದು ವಿಚಾರಣೆಗೆ ಒಳಪಡಿಸಿ ಎಚ್‌ಆರ್‌ಬಿಆರ್ ಲೇಔಟ್ ಜ್ಯೂಯಲರಿ ಅಂಗಡಿಯೊಂದರಲ್ಲಿ ಅಡಮಾನವಿಟ್ಟಿದ್ದ 1 ಕೆ.ಜಿ 478 ಗ್ರಾಂ ಚಿನ್ನಾಭರಣ ಮತ್ತು 5 ಕೆ.ಜಿ ಬೆಳ್ಳಿಯ ವಸ್ತುಗಳನ್ನು ಪೊಲೀಸರು ವಶಪಡಿಸಿಕೊಂಡಿದ್ದಾರೆ. ಇವರ ಒಟ್ಟು ಮೌಲ್ಯ ಸುಮಾರು ಒಂದು ಕೋಟಿ ಎಂಬತ್ತು ಲಕ್ಷ ರೂ.ಗಳೆಂದು ಅಂದಾಜಿಸಲಾಗಿದೆ. ತನಿಖೆ ಮುಂದುವರೆಸಿದ ಪೊಲೀಸರು ಈತನಿಗೆ ಸಹಕರಿಸಿದ ಮತ್ತೊಬ್ಬನನ್ನು
ಬಂಧಿಸಿದ್ದಾರೆ.ಪ್ರಾಥಮಿಕ ತನಿಖೆಯಲ್ಲಿ, ಆರೋಪಿ ಕಡಿಮೆ ಅವಧಿಯಲ್ಲಿ ಹಣ ಮಾಡುವ ಉದ್ದೇಶದಿಂದ ಕೇರಳ ರಾಜ್ಯದಲ್ಲಿಯೂ ಇದೇ ರೀತಿಯ ವಂಚನೆ ನಡೆಸಿರುವ ಬಗ್ಗೆ ಮಾಹಿತಿ ದೊರೆತಿದ್ದು ತನಿಖೆ ಮುಂದುವರಿದಿದೆ ಎಂದು ನಗರ ಪೊಲೀಸ್ ಆಯುಕ್ತ ಸೀಮಂತ್‌ಕುಮಾರ್ ಸಿಂಗ್ ತಿಳಿಸಿದ್ದಾರೆ. ಸಾರ್ವಜನಿಕ ಮನವಿ:ಚಿನ್ನವನ್ನು ಅಡಮಾನವಿಡುವ ಮೊದಲು ಸಂಸ್ಥೆಯ ಪ್ರಾಮಾಣಿಕತೆ ಮತ್ತು ನೈಜತೆಯನ್ನು ಸಾರ್ವಜನಿಕರು ಪರಿಶೀಲಿಸಬೇಕು. 0% ಬಡ್ಡಿ ಎಂಬಂತಹ ಆಕರ್ಷಕ ಯೋಜನೆಗಳಿಗೆ ಬಲಿಯಾಗಬಾರದು. ಅನುಮಾನಾಸ್ಪದ ಯೋಜನೆಗಳು ಕಂಡುಬಂದರೆ ಸಮೀಪದ ಪೊಲೀಸ್ ಠಾಣೆ ಅಥವಾ ಸಿಸಿಬಿ ವಿಭಾಗಕ್ಕೆ ತಕ್ಷಣ ಮಾಹಿತಿ ನೀಡಿ ಎಂದು ಸಲಹೆ ನೀಡಿದ್ದಾರೆ. ಈ ಕಾರ್ಯಾಚರಣೆಯನ್ನು ಸಿಸಿಬಿ ಅಪರಾಧ ವಿಭಾಗದ ಸಂಯುಕ್ತ ಪೊಲೀಸ್ ಆಯುಕ್ತ ಅಜಯ್ ಹಿಲೋರಿ ಮತ್ತು ಉಪ ಪೊಲೀಸ್ ಆಯುಕ್ತರ ಮಾರ್ಗದರ್ಶನದಲ್ಲಿ, ಎಸಿಪಿ ನಾಗರಾಜ್ ನೇತೃತ್ವದಲ್ಲಿ ಯಶಸ್ವಿಯಾಗಿ ನಡೆಸಲಾಗಿದೆ.
